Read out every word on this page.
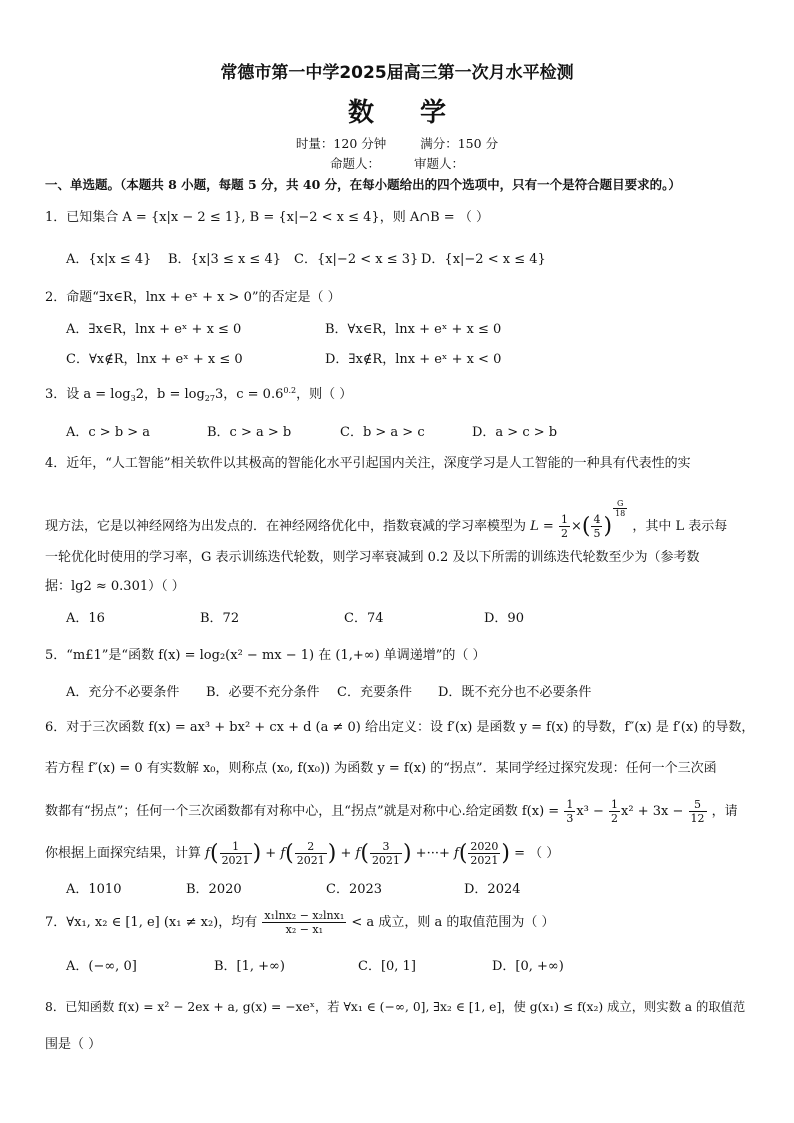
常德市第一中学2025届高三第一次月水平检测
数学
时量：120 分钟	满分：150 分
命题人：	审题人：
一、单选题。（本题共 8 小题，每题 5 分，共 40 分，在每小题给出的四个选项中，只有一个是符合题目要求的。）
1．已知集合 A = {x|x − 2 ≤ 1}, B = {x|−2 < x ≤ 4}，则 A∩B = （ ）
A．{x|x ≤ 4} B．{x|3 ≤ x ≤ 4} C．{x|−2 < x ≤ 3} D．{x|−2 < x ≤ 4}
2．命题“∃x∈R，lnx + eˣ + x > 0”的否定是（ ）
A．∃x∈R，lnx + eˣ + x ≤ 0	B．∀x∈R，lnx + eˣ + x ≤ 0
C．∀x∉R，lnx + eˣ + x ≤ 0	D．∃x∉R，lnx + eˣ + x < 0
3．设 $a = \log_32$，$b = \log_{27}3$，$c = 0.6^{0.2}$，则（ ）
A．c > b > a	B．c > a > b	C．b > a > c	D．a > c > b
4．近年，“人工智能”相关软件以其极高的智能化水平引起国内关注，深度学习是人工智能的一种具有代表性的实
现方法，它是以神经网络为出发点的．在神经网络优化中，指数衰减的学习率模型为 $L = \frac{1}{2}$ ×( $\frac{4}{5}$ )
$\frac{G}{18}$
，其中 L 表示每
一轮优化时使用的学习率，G 表示训练迭代轮数，则学习率衰减到 0.2 及以下所需的训练迭代轮数至少为（参考数
据：lg2 ≈ 0.301）（ ）
A．16	B．72	C．74	D．90
5．“m£1”是“函数 f(x) = log₂(x² − mx − 1) 在 (1,+∞) 单调递增”的（ ）
A．充分不必要条件 B．必要不充分条件 C．充要条件 D．既不充分也不必要条件
6．对于三次函数 f(x) = ax³ + bx² + cx + d (a ≠ 0) 给出定义：设 f′(x) 是函数 y = f(x) 的导数，f″(x) 是 f′(x) 的导数，
若方程 f″(x) = 0 有实数解 x₀，则称点 (x₀, f(x₀)) 为函数 y = f(x) 的“拐点”．某同学经过探究发现：任何一个三次函
数都有“拐点”；任何一个三次函数都有对称中心，且“拐点”就是对称中心.给定函数 $f(x) = \frac{1}{3} x^3 - \frac{1}{2} x^2 + 3x - \frac{5}{12}$ ，请
你根据上面探究结果，计算 $f( \frac{1}{2021}$ ) + $f( \frac{2}{2021}$ ) + $f( \frac{3}{2021}$ ) +···+ $f( \frac{2020}{2021}$ ) = （ ）
A．1010	B．2020	C．2023	D．2024
7．∀x₁, x₂ ∈ [1, e] (x₁ ≠ x₂)，均有 $\frac{\text{x₁lnx₂ − x₂lnx₁}}{\text{x₂ − x₁}} < a$ 成立，则 a 的取值范围为（ ）
A．(−∞, 0]	B．[1, +∞)	C．[0, 1]	D．[0, +∞)
8．已知函数 f(x) = x² − 2ex + a, g(x) = −xeˣ，若 ∀x₁ ∈ (−∞, 0], ∃x₂ ∈ [1, e]，使 g(x₁) ≤ f(x₂) 成立，则实数 a 的取值范
围是（ ）
